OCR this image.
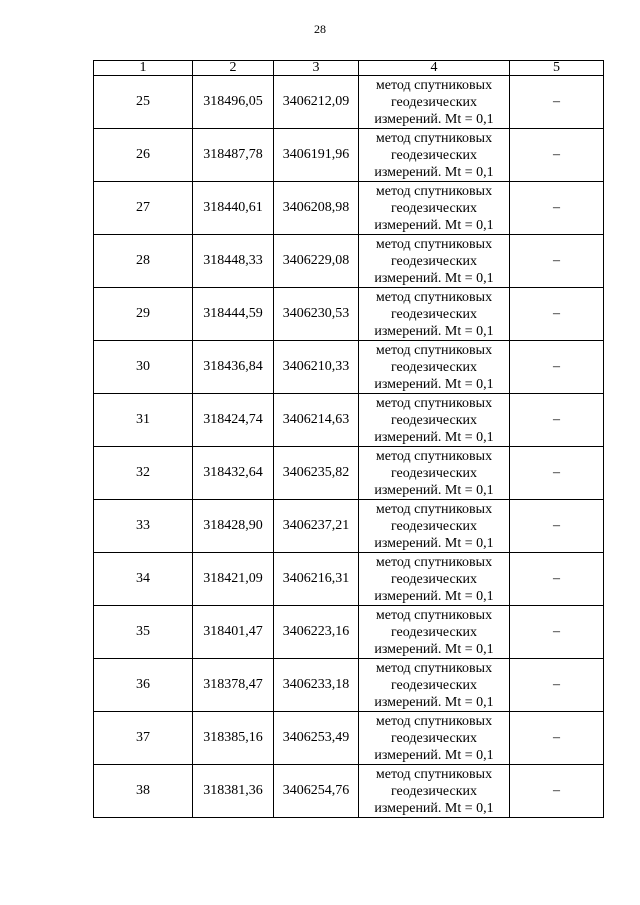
28
1	2	3	4	5
25	318496,05	3406212,09	метод спутниковых
геодезических
измерений. Mt = 0,1	–
26	318487,78	3406191,96	метод спутниковых
геодезических
измерений. Mt = 0,1	–
27	318440,61	3406208,98	метод спутниковых
геодезических
измерений. Mt = 0,1	–
28	318448,33	3406229,08	метод спутниковых
геодезических
измерений. Mt = 0,1	–
29	318444,59	3406230,53	метод спутниковых
геодезических
измерений. Mt = 0,1	–
30	318436,84	3406210,33	метод спутниковых
геодезических
измерений. Mt = 0,1	–
31	318424,74	3406214,63	метод спутниковых
геодезических
измерений. Mt = 0,1	–
32	318432,64	3406235,82	метод спутниковых
геодезических
измерений. Mt = 0,1	–
33	318428,90	3406237,21	метод спутниковых
геодезических
измерений. Mt = 0,1	–
34	318421,09	3406216,31	метод спутниковых
геодезических
измерений. Mt = 0,1	–
35	318401,47	3406223,16	метод спутниковых
геодезических
измерений. Mt = 0,1	–
36	318378,47	3406233,18	метод спутниковых
геодезических
измерений. Mt = 0,1	–
37	318385,16	3406253,49	метод спутниковых
геодезических
измерений. Mt = 0,1	–
38	318381,36	3406254,76	метод спутниковых
геодезических
измерений. Mt = 0,1	–
